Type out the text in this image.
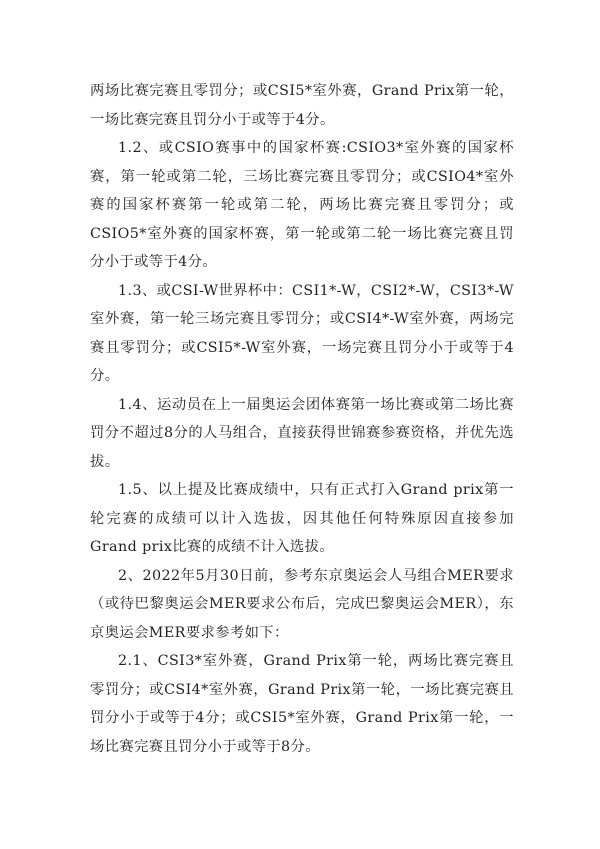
两场比赛完赛且零罚分；或CSI5*室外赛，Grand Prix第一轮，一场比赛完赛且罚分小于或等于4分。

1.2、或CSIO赛事中的国家杯赛:CSIO3*室外赛的国家杯赛，第一轮或第二轮，三场比赛完赛且零罚分；或CSIO4*室外赛的国家杯赛第一轮或第二轮，两场比赛完赛且零罚分；或CSIO5*室外赛的国家杯赛，第一轮或第二轮一场比赛完赛且罚分小于或等于4分。

1.3、或CSI-W世界杯中：CSI1*-W，CSI2*-W，CSI3*-W室外赛，第一轮三场完赛且零罚分；或CSI4*-W室外赛，两场完赛且零罚分；或CSI5*-W室外赛，一场完赛且罚分小于或等于4分。

1.4、运动员在上一届奥运会团体赛第一场比赛或第二场比赛罚分不超过8分的人马组合，直接获得世锦赛参赛资格，并优先选拔。

1.5、以上提及比赛成绩中，只有正式打入Grand prix第一轮完赛的成绩可以计入选拔，因其他任何特殊原因直接参加Grand prix比赛的成绩不计入选拔。

2、2022年5月30日前，参考东京奥运会人马组合MER要求（或待巴黎奥运会MER要求公布后，完成巴黎奥运会MER），东京奥运会MER要求参考如下：

2.1、CSI3*室外赛，Grand Prix第一轮，两场比赛完赛且零罚分；或CSI4*室外赛，Grand Prix第一轮，一场比赛完赛且罚分小于或等于4分；或CSI5*室外赛，Grand Prix第一轮，一场比赛完赛且罚分小于或等于8分。
